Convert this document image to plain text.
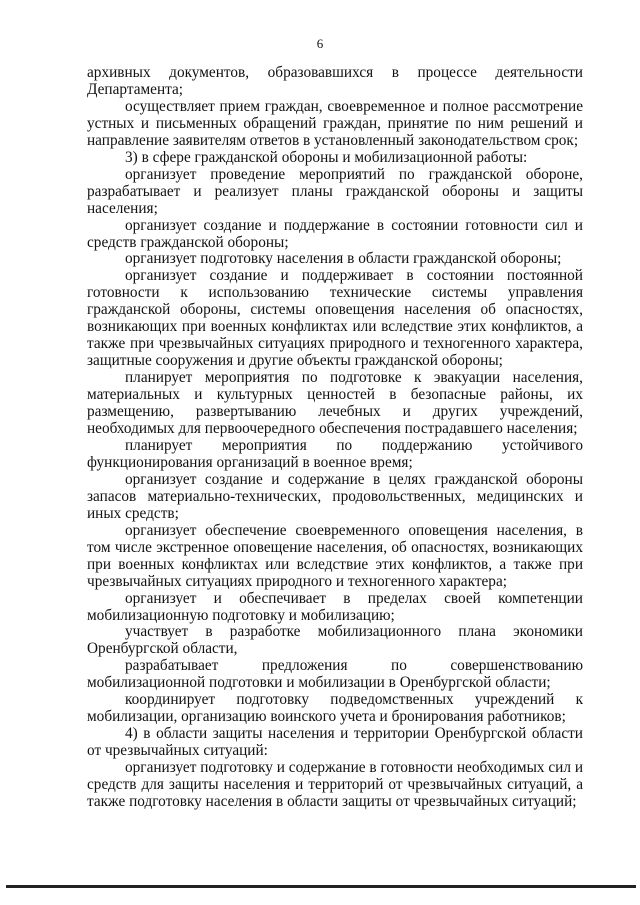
6

архивных документов, образовавшихся в процессе деятельности Департамента;

осуществляет прием граждан, своевременное и полное рассмотрение устных и письменных обращений граждан, принятие по ним решений и направление заявителям ответов в установленный законодательством срок;

3) в сфере гражданской обороны и мобилизационной работы:

организует проведение мероприятий по гражданской обороне, разрабатывает и реализует планы гражданской обороны и защиты населения;

организует создание и поддержание в состоянии готовности сил и средств гражданской обороны;

организует подготовку населения в области гражданской обороны;

организует создание и поддерживает в состоянии постоянной готовности к использованию технические системы управления гражданской обороны, системы оповещения населения об опасностях, возникающих при военных конфликтах или вследствие этих конфликтов, а также при чрезвычайных ситуациях природного и техногенного характера, защитные сооружения и другие объекты гражданской обороны;

планирует мероприятия по подготовке к эвакуации населения, материальных и культурных ценностей в безопасные районы, их размещению, развертыванию лечебных и других учреждений, необходимых для первоочередного обеспечения пострадавшего населения;

планирует мероприятия по поддержанию устойчивого функционирования организаций в военное время;

организует создание и содержание в целях гражданской обороны запасов материально-технических, продовольственных, медицинских и иных средств;

организует обеспечение своевременного оповещения населения, в том числе экстренное оповещение населения, об опасностях, возникающих при военных конфликтах или вследствие этих конфликтов, а также при чрезвычайных ситуациях природного и техногенного характера;

организует и обеспечивает в пределах своей компетенции мобилизационную подготовку и мобилизацию;

участвует в разработке мобилизационного плана экономики Оренбургской области,

разрабатывает предложения по совершенствованию мобилизационной подготовки и мобилизации в Оренбургской области;

координирует подготовку подведомственных учреждений к мобилизации, организацию воинского учета и бронирования работников;

4) в области защиты населения и территории Оренбургской области от чрезвычайных ситуаций:

организует подготовку и содержание в готовности необходимых сил и средств для защиты населения и территорий от чрезвычайных ситуаций, а также подготовку населения в области защиты от чрезвычайных ситуаций;
